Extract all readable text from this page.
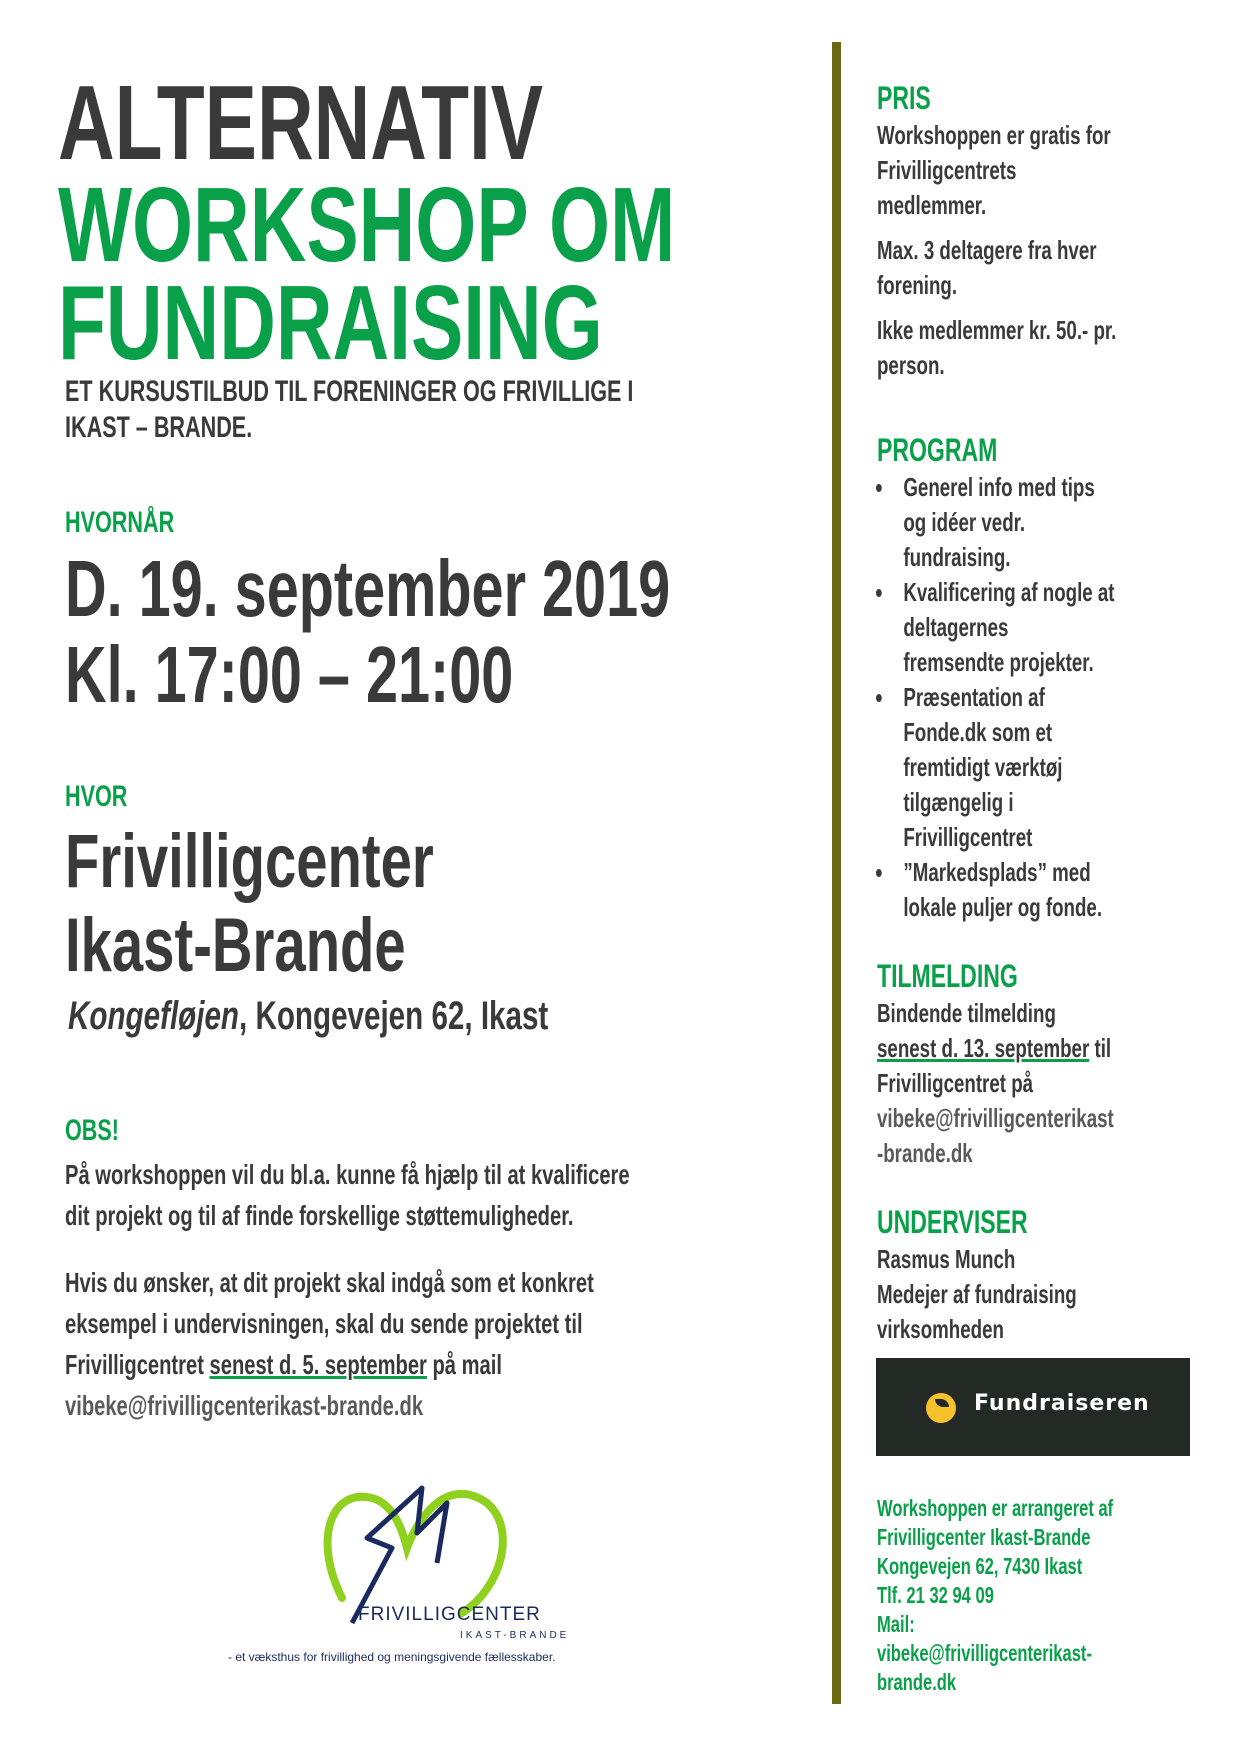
ALTERNATIV
WORKSHOP OM
FUNDRAISING
ET KURSUSTILBUD TIL FORENINGER OG FRIVILLIGE I
IKAST – BRANDE.
HVORNÅR
D. 19. september 2019
Kl. 17:00 – 21:00
HVOR
Frivilligcenter
Ikast-Brande
Kongefløjen, Kongevejen 62, Ikast
OBS!
På workshoppen vil du bl.a. kunne få hjælp til at kvalificere
dit projekt og til af finde forskellige støttemuligheder.
Hvis du ønsker, at dit projekt skal indgå som et konkret
eksempel i undervisningen, skal du sende projektet til
Frivilligcentret senest d. 5. september på mail
vibeke@frivilligcenterikast-brande.dk
FRIVILLIGCENTER
IKAST-BRANDE
- et væksthus for frivillighed og meningsgivende fællesskaber.
PRIS
Workshoppen er gratis for
Frivilligcentrets
medlemmer.
Max. 3 deltagere fra hver
forening.
Ikke medlemmer kr. 50.- pr.
person.
PROGRAM
Generel info med tips
og idéer vedr.
fundraising.
Kvalificering af nogle at
deltagernes
fremsendte projekter.
Præsentation af
Fonde.dk som et
fremtidigt værktøj
tilgængelig i
Frivilligcentret
”Markedsplads” med
lokale puljer og fonde.
TILMELDING
Bindende tilmelding
senest d. 13. september til
Frivilligcentret på
vibeke@frivilligcenterikast
-brande.dk
UNDERVISER
Rasmus Munch
Medejer af fundraising
virksomheden
Fundraiseren
Workshoppen er arrangeret af
Frivilligcenter Ikast-Brande
Kongevejen 62, 7430 Ikast
Tlf. 21 32 94 09
Mail:
vibeke@frivilligcenterikast-
brande.dk
